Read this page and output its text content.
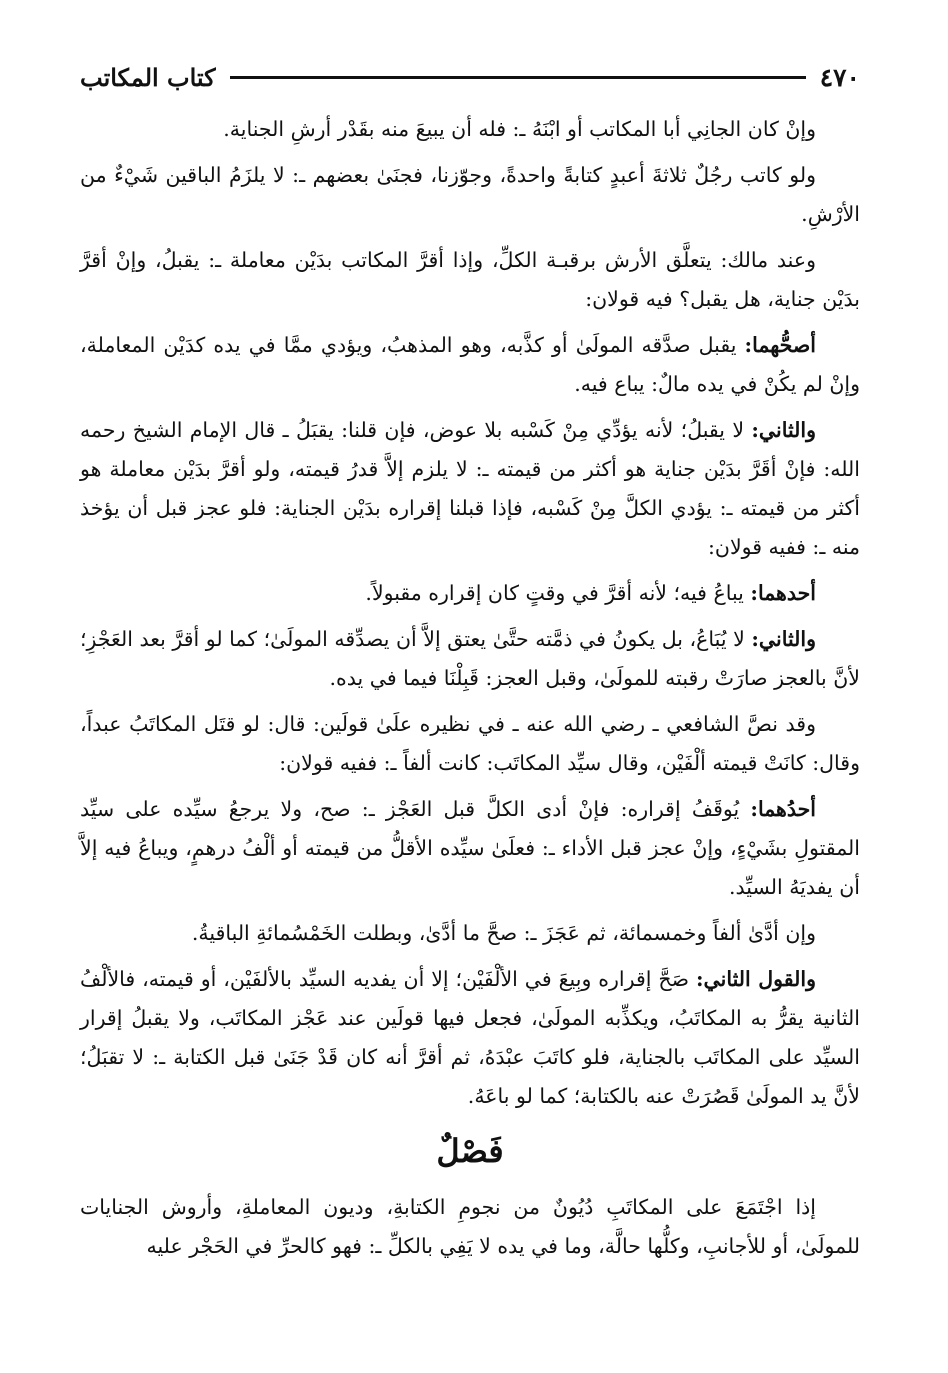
٤٧٠
كتاب المكاتب

وإنْ كان الجانِي أبا المكاتب أو ابْنَهُ ـ: فله أن يبيعَ منه بقَدْر أرشِ الجناية.

ولو كاتب رجُلٌ ثلاثةَ أعبدٍ كتابةً واحدةً، وجوّزنا، فجنَىٰ بعضهم ـ: لا يلزَمُ الباقين شَيْءٌ من الأرْشِ.

وعند مالك: يتعلَّق الأرش برقبـة الكلِّ، وإذا أقرَّ المكاتب بدَيْن معاملة ـ: يقبلُ، وإنْ أقرَّ بدَيْن جناية، هل يقبل؟ فيه قولان:

أصحُّهما: يقبل صدَّقه المولَىٰ أو كذَّبه، وهو المذهبُ، ويؤدي ممَّا في يده كدَيْن المعاملة، وإنْ لم يكُنْ في يده مالٌ: يباع فيه.

والثاني: لا يقبلُ؛ لأنه يؤدِّي مِنْ كَسْبه بلا عوض، فإن قلنا: يقبَلُ ـ قال الإمام الشيخ رحمه الله: فإنْ أقَرَّ بدَيْن جناية هو أكثر من قيمته ـ: لا يلزم إلاَّ قدرُ قيمته، ولو أقرَّ بدَيْن معاملة هو أكثر من قيمته ـ: يؤدي الكلَّ مِنْ كَسْبه، فإذا قبلنا إقراره بدَيْن الجناية: فلو عجز قبل أن يؤخذ منه ـ: ففيه قولان:

أحدهما: يباعُ فيه؛ لأنه أقرَّ في وقتٍ كان إقراره مقبولاً.

والثاني: لا يُبَاعُ، بل يكونُ في ذمَّته حتَّىٰ يعتق إلاَّ أن يصدِّقه المولَىٰ؛ كما لو أقرَّ بعد العَجْزِ؛ لأنَّ بالعجز صارَتْ رقبته للمولَىٰ، وقبل العجز: قَبِلْنَا فيما في يده.

وقد نصَّ الشافعي ـ رضي الله عنه ـ في نظيره علَىٰ قولَين: قال: لو قتَل المكاتَبُ عبداً، وقال: كانَتْ قيمته ألْفَيْن، وقال سيِّد المكاتَب: كانت ألفاً ـ: ففيه قولان:

أحدُهما: يُوقَفُ إقراره: فإنْ أدى الكلَّ قبل العَجْز ـ: صح، ولا يرجعُ سيِّده على سيِّد المقتولِ بشَيْءٍ، وإنْ عجز قبل الأداء ـ: فعلَىٰ سيِّده الأقلُّ من قيمته أو ألْفُ درهمٍ، ويباعُ فيه إلاَّ أن يفديَهُ السيِّد.

وإن أدَّىٰ ألفاً وخمسمائة، ثم عَجَزَ ـ: صحَّ ما أدَّىٰ، وبطلت الخَمْسُمائةِ الباقيةُ.

والقول الثاني: صَحَّ إقراره وبِيعَ في الألْفَيْن؛ إلا أن يفديه السيِّد بالألفَيْن، أو قيمته، فالألْفُ الثانية يقرُّ به المكاتَبُ، ويكذِّبه المولَىٰ، فجعل فيها قولَين عند عَجْز المكاتَب، ولا يقبلُ إقرار السيِّد على المكاتَب بالجناية، فلو كاتَبَ عبْدَهُ، ثم أقرَّ أنه كان قَدْ جَنَىٰ قبل الكتابة ـ: لا تقبَلُ؛ لأنَّ يد المولَىٰ قَصُرَتْ عنه بالكتابة؛ كما لو باعَهُ.

فَصْلٌ

إذا اجْتَمَعَ على المكاتَبِ دُيُونٌ من نجومِ الكتابةِ، وديون المعاملةِ، وأروش الجنايات للمولَىٰ، أو للأجانبِ، وكلُّها حالَّة، وما في يده لا يَفِي بالكلِّ ـ: فهو كالحرِّ في الحَجْر عليه
